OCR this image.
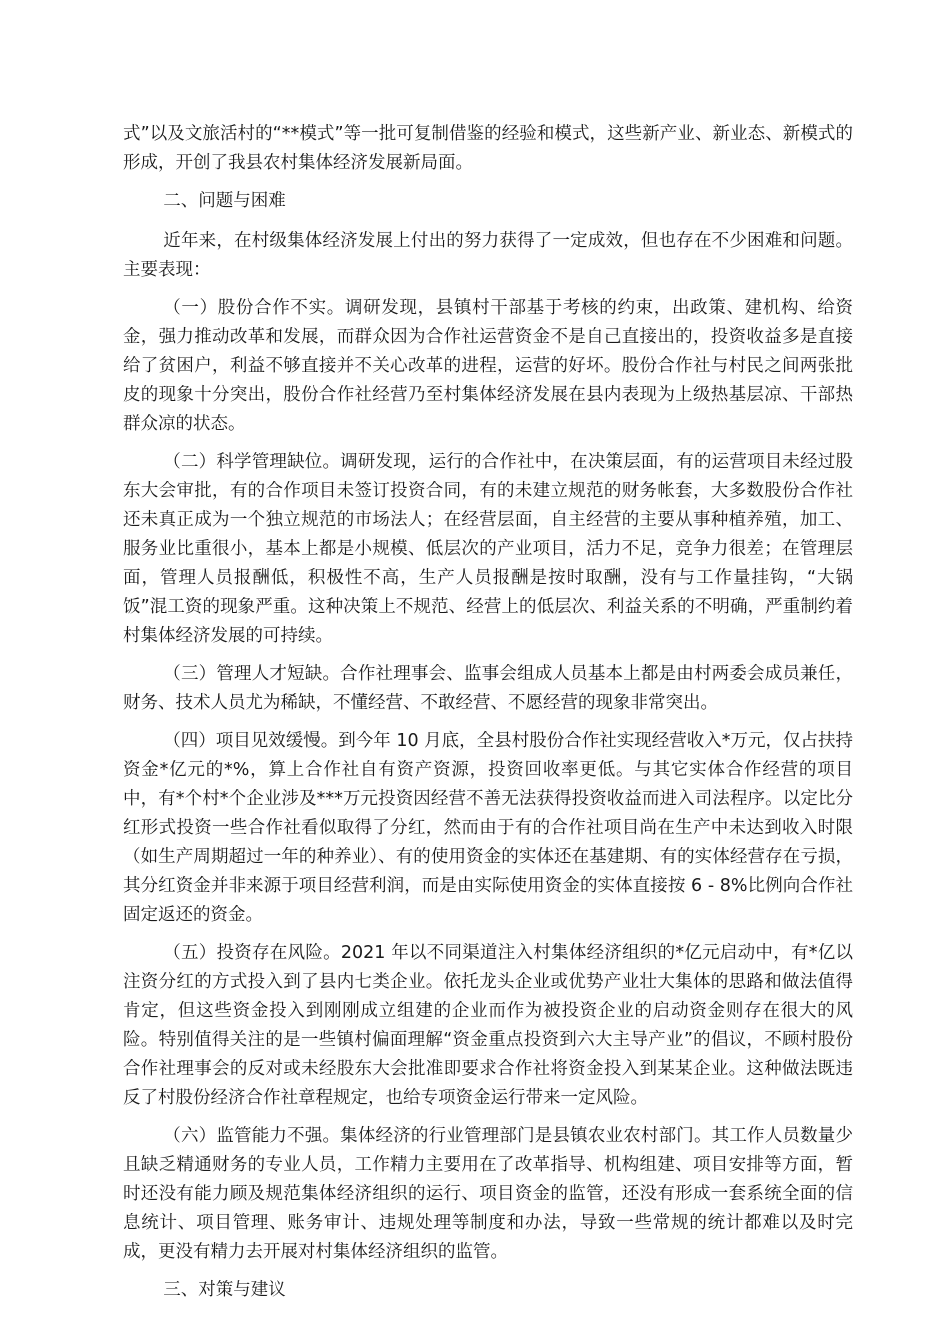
式”以及文旅活村的“**模式”等一批可复制借鉴的经验和模式，这些新产业、新业态、新模式的形成，开创了我县农村集体经济发展新局面。

二、问题与困难

近年来，在村级集体经济发展上付出的努力获得了一定成效，但也存在不少困难和问题。主要表现：

（一）股份合作不实。调研发现，县镇村干部基于考核的约束，出政策、建机构、给资金，强力推动改革和发展，而群众因为合作社运营资金不是自己直接出的，投资收益多是直接给了贫困户，利益不够直接并不关心改革的进程，运营的好坏。股份合作社与村民之间两张批皮的现象十分突出，股份合作社经营乃至村集体经济发展在县内表现为上级热基层凉、干部热群众凉的状态。

（二）科学管理缺位。调研发现，运行的合作社中，在决策层面，有的运营项目未经过股东大会审批，有的合作项目未签订投资合同，有的未建立规范的财务帐套，大多数股份合作社还未真正成为一个独立规范的市场法人；在经营层面，自主经营的主要从事种植养殖，加工、服务业比重很小，基本上都是小规模、低层次的产业项目，活力不足，竞争力很差；在管理层面，管理人员报酬低，积极性不高，生产人员报酬是按时取酬，没有与工作量挂钩，“大锅饭”混工资的现象严重。这种决策上不规范、经营上的低层次、利益关系的不明确，严重制约着村集体经济发展的可持续。

（三）管理人才短缺。合作社理事会、监事会组成人员基本上都是由村两委会成员兼任，财务、技术人员尤为稀缺，不懂经营、不敢经营、不愿经营的现象非常突出。

（四）项目见效缓慢。到今年 10 月底，全县村股份合作社实现经营收入*万元，仅占扶持资金*亿元的*%，算上合作社自有资产资源，投资回收率更低。与其它实体合作经营的项目中，有*个村*个企业涉及***万元投资因经营不善无法获得投资收益而进入司法程序。以定比分红形式投资一些合作社看似取得了分红，然而由于有的合作社项目尚在生产中未达到收入时限（如生产周期超过一年的种养业）、有的使用资金的实体还在基建期、有的实体经营存在亏损，其分红资金并非来源于项目经营利润，而是由实际使用资金的实体直接按 6 - 8%比例向合作社固定返还的资金。

（五）投资存在风险。2021 年以不同渠道注入村集体经济组织的*亿元启动中，有*亿以注资分红的方式投入到了县内七类企业。依托龙头企业或优势产业壮大集体的思路和做法值得肯定，但这些资金投入到刚刚成立组建的企业而作为被投资企业的启动资金则存在很大的风险。特别值得关注的是一些镇村偏面理解“资金重点投资到六大主导产业”的倡议，不顾村股份合作社理事会的反对或未经股东大会批准即要求合作社将资金投入到某某企业。这种做法既违反了村股份经济合作社章程规定，也给专项资金运行带来一定风险。

（六）监管能力不强。集体经济的行业管理部门是县镇农业农村部门。其工作人员数量少且缺乏精通财务的专业人员，工作精力主要用在了改革指导、机构组建、项目安排等方面，暂时还没有能力顾及规范集体经济组织的运行、项目资金的监管，还没有形成一套系统全面的信息统计、项目管理、账务审计、违规处理等制度和办法，导致一些常规的统计都难以及时完成，更没有精力去开展对村集体经济组织的监管。

三、对策与建议
